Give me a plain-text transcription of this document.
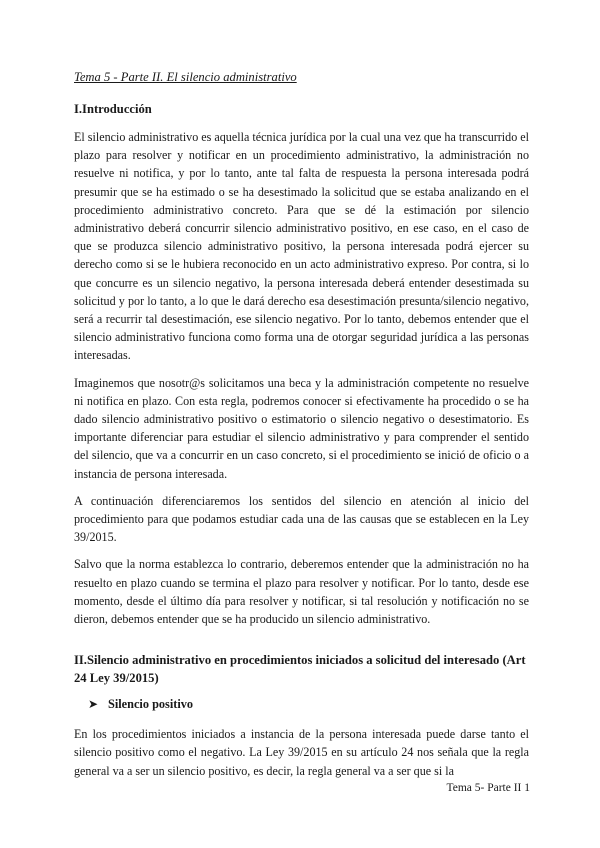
Tema 5 - Parte II. El silencio administrativo
I.Introducción

El silencio administrativo es aquella técnica jurídica por la cual una vez que ha transcurrido el plazo para resolver y notificar en un procedimiento administrativo, la administración no resuelve ni notifica, y por lo tanto, ante tal falta de respuesta la persona interesada podrá presumir que se ha estimado o se ha desestimado la solicitud que se estaba analizando en el procedimiento administrativo concreto. Para que se dé la estimación por silencio administrativo deberá concurrir silencio administrativo positivo, en ese caso, en el caso de que se produzca silencio administrativo positivo, la persona interesada podrá ejercer su derecho como si se le hubiera reconocido en un acto administrativo expreso. Por contra, si lo que concurre es un silencio negativo, la persona interesada deberá entender desestimada su solicitud y por lo tanto, a lo que le dará derecho esa desestimación presunta/silencio negativo, será a recurrir tal desestimación, ese silencio negativo. Por lo tanto, debemos entender que el silencio administrativo funciona como forma una de otorgar seguridad jurídica a las personas interesadas.

Imaginemos que nosotr@s solicitamos una beca y la administración competente no resuelve ni notifica en plazo. Con esta regla, podremos conocer si efectivamente ha procedido o se ha dado silencio administrativo positivo o estimatorio o silencio negativo o desestimatorio. Es importante diferenciar para estudiar el silencio administrativo y para comprender el sentido del silencio, que va a concurrir en un caso concreto, si el procedimiento se inició de oficio o a instancia de persona interesada.

A continuación diferenciaremos los sentidos del silencio en atención al inicio del procedimiento para que podamos estudiar cada una de las causas que se establecen en la Ley 39/2015.

Salvo que la norma establezca lo contrario, deberemos entender que la administración no ha resuelto en plazo cuando se termina el plazo para resolver y notificar. Por lo tanto, desde ese momento, desde el último día para resolver y notificar, si tal resolución y notificación no se dieron, debemos entender que se ha producido un silencio administrativo.

II.Silencio administrativo en procedimientos iniciados a solicitud del interesado (Art 24 Ley 39/2015)
➤ Silencio positivo

En los procedimientos iniciados a instancia de la persona interesada puede darse tanto el silencio positivo como el negativo. La Ley 39/2015 en su artículo 24 nos señala que la regla general va a ser un silencio positivo, es decir, la regla general va a ser que si la

Tema 5- Parte II 1
